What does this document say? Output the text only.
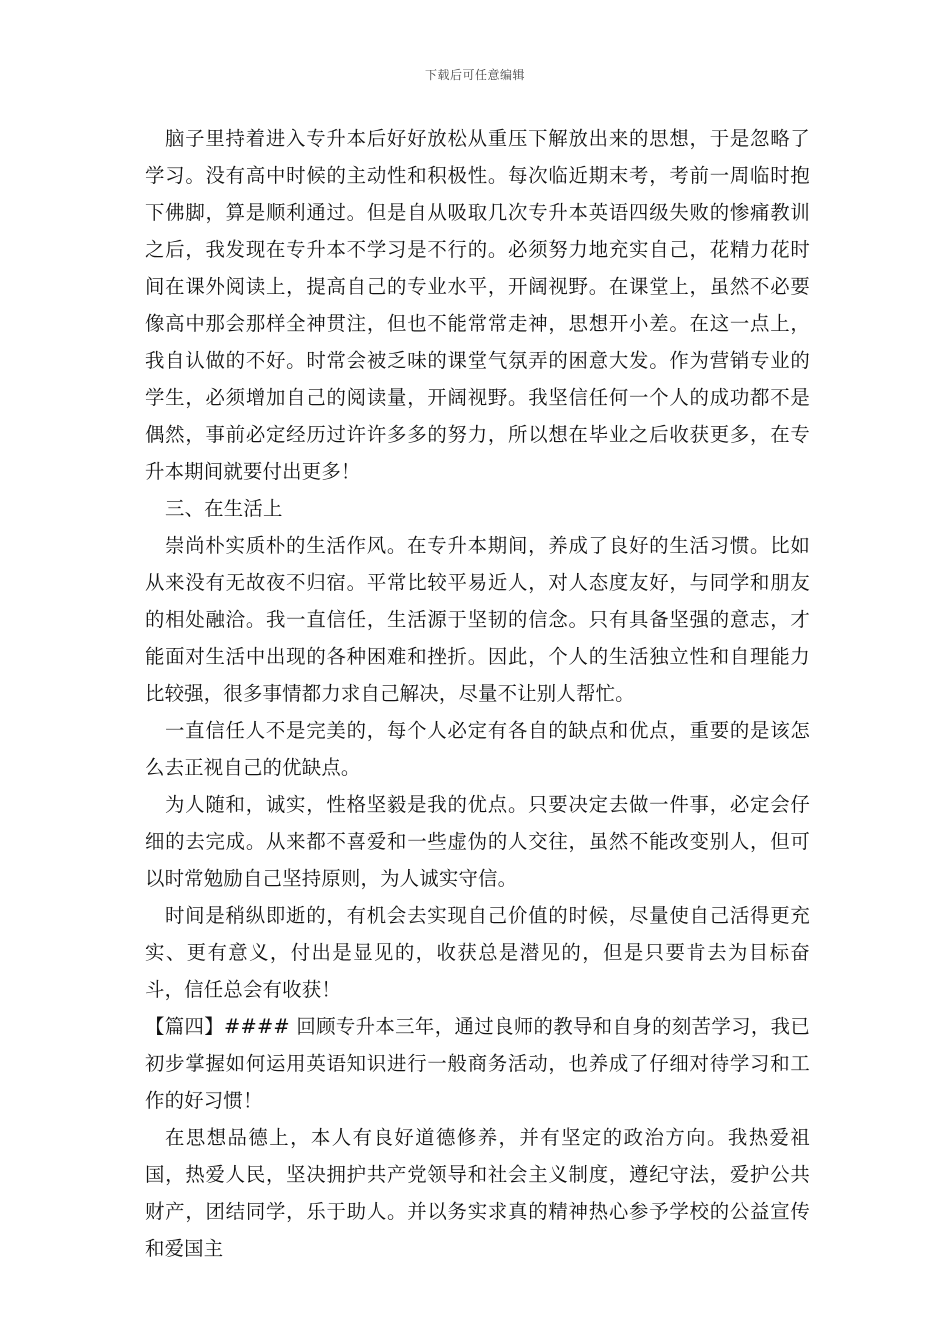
下载后可任意编辑

脑子里持着进入专升本后好好放松从重压下解放出来的思想，于是忽略了学习。没有高中时候的主动性和积极性。每次临近期末考，考前一周临时抱下佛脚，算是顺利通过。但是自从吸取几次专升本英语四级失败的惨痛教训之后，我发现在专升本不学习是不行的。必须努力地充实自己，花精力花时间在课外阅读上，提高自己的专业水平，开阔视野。在课堂上，虽然不必要像高中那会那样全神贯注，但也不能常常走神，思想开小差。在这一点上，我自认做的不好。时常会被乏味的课堂气氛弄的困意大发。作为营销专业的学生，必须增加自己的阅读量，开阔视野。我坚信任何一个人的成功都不是偶然，事前必定经历过许许多多的努力，所以想在毕业之后收获更多，在专升本期间就要付出更多！

三、在生活上

崇尚朴实质朴的生活作风。在专升本期间，养成了良好的生活习惯。比如从来没有无故夜不归宿。平常比较平易近人，对人态度友好，与同学和朋友的相处融洽。我一直信任，生活源于坚韧的信念。只有具备坚强的意志，才能面对生活中出现的各种困难和挫折。因此，个人的生活独立性和自理能力比较强，很多事情都力求自己解决，尽量不让别人帮忙。

一直信任人不是完美的，每个人必定有各自的缺点和优点，重要的是该怎么去正视自己的优缺点。

为人随和，诚实，性格坚毅是我的优点。只要决定去做一件事，必定会仔细的去完成。从来都不喜爱和一些虚伪的人交往，虽然不能改变别人，但可以时常勉励自己坚持原则，为人诚实守信。

时间是稍纵即逝的，有机会去实现自己价值的时候，尽量使自己活得更充实、更有意义，付出是显见的，收获总是潜见的，但是只要肯去为目标奋斗，信任总会有收获！

【篇四】#### 回顾专升本三年，通过良师的教导和自身的刻苦学习，我已初步掌握如何运用英语知识进行一般商务活动，也养成了仔细对待学习和工作的好习惯！

在思想品德上，本人有良好道德修养，并有坚定的政治方向。我热爱祖国，热爱人民，坚决拥护共产党领导和社会主义制度，遵纪守法，爱护公共财产，团结同学，乐于助人。并以务实求真的精神热心参予学校的公益宣传和爱国主
